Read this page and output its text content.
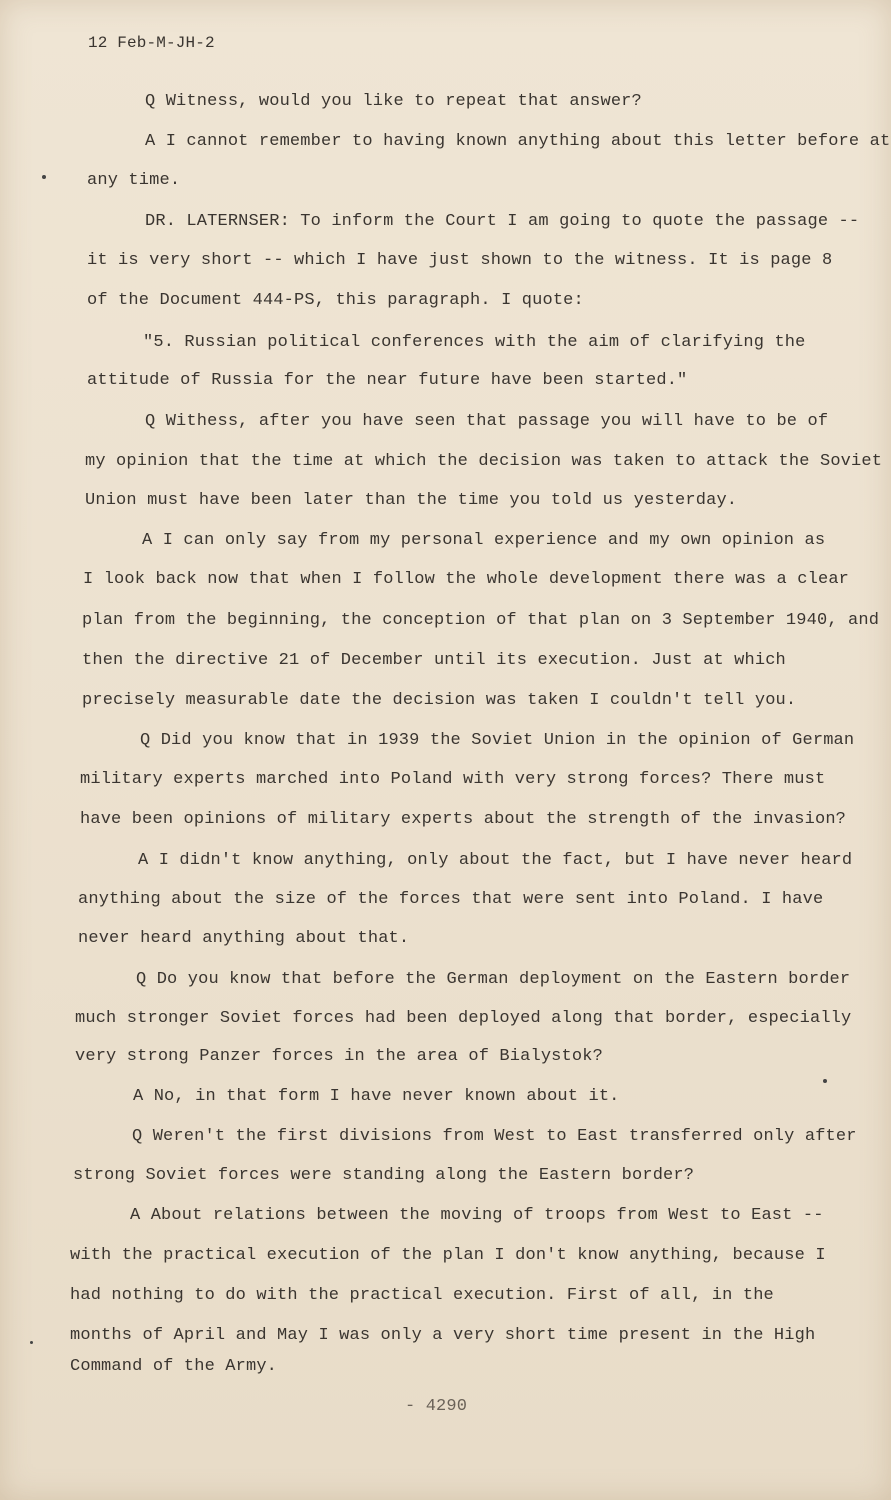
12 Feb-M-JH-2
Q Witness, would you like to repeat that answer?
A I cannot remember to having known anything about this letter before at
any time.
DR. LATERNSER: To inform the Court I am going to quote the passage --
it is very short -- which I have just shown to the witness. It is page 8
of the Document 444-PS, this paragraph. I quote:
"5. Russian political conferences with the aim of clarifying the
attitude of Russia for the near future have been started."
Q Withess, after you have seen that passage you will have to be of
my opinion that the time at which the decision was taken to attack the Soviet
Union must have been later than the time you told us yesterday.
A I can only say from my personal experience and my own opinion as
I look back now that when I follow the whole development there was a clear
plan from the beginning, the conception of that plan on 3 September 1940, and
then the directive 21 of December until its execution. Just at which
precisely measurable date the decision was taken I couldn't tell you.
Q Did you know that in 1939 the Soviet Union in the opinion of German
military experts marched into Poland with very strong forces? There must
have been opinions of military experts about the strength of the invasion?
A I didn't know anything, only about the fact, but I have never heard
anything about the size of the forces that were sent into Poland. I have
never heard anything about that.
Q Do you know that before the German deployment on the Eastern border
much stronger Soviet forces had been deployed along that border, especially
very strong Panzer forces in the area of Bialystok?
A No, in that form I have never known about it.
Q Weren't the first divisions from West to East transferred only after
strong Soviet forces were standing along the Eastern border?
A About relations between the moving of troops from West to East --
with the practical execution of the plan I don't know anything, because I
had nothing to do with the practical execution. First of all, in the
months of April and May I was only a very short time present in the High
Command of the Army.
- 4290
